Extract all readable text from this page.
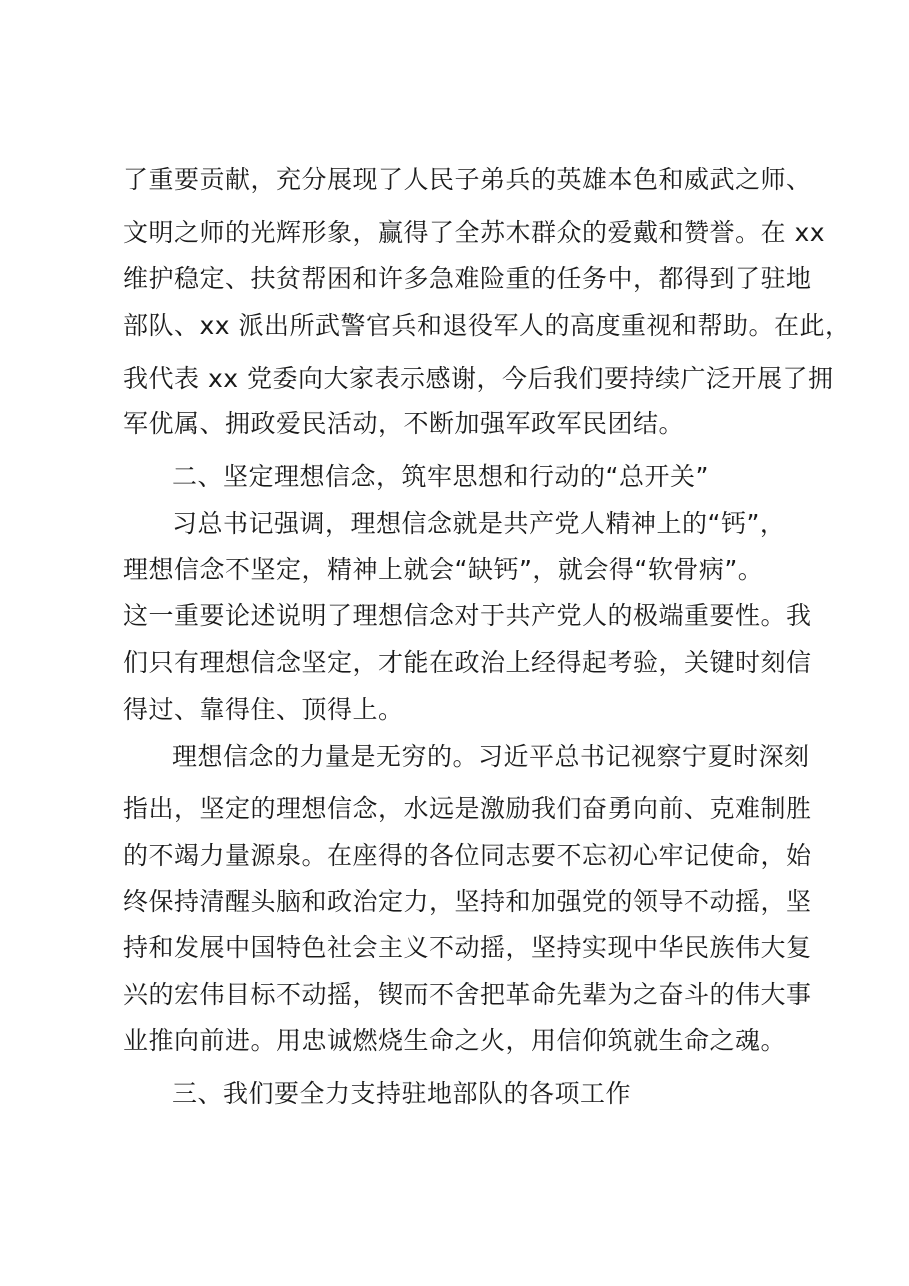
了重要贡献，充分展现了人民子弟兵的英雄本色和威武之师、
文明之师的光辉形象，赢得了全苏木群众的爱戴和赞誉。在 xx
维护稳定、扶贫帮困和许多急难险重的任务中，都得到了驻地
部队、xx 派出所武警官兵和退役军人的高度重视和帮助。在此，
我代表 xx 党委向大家表示感谢，今后我们要持续广泛开展了拥
军优属、拥政爱民活动，不断加强军政军民团结。
二、坚定理想信念，筑牢思想和行动的“总开关”
习总书记强调，理想信念就是共产党人精神上的“钙”，
理想信念不坚定，精神上就会“缺钙”，就会得“软骨病”。
这一重要论述说明了理想信念对于共产党人的极端重要性。我
们只有理想信念坚定，才能在政治上经得起考验，关键时刻信
得过、靠得住、顶得上。
理想信念的力量是无穷的。习近平总书记视察宁夏时深刻
指出，坚定的理想信念，水远是激励我们奋勇向前、克难制胜
的不竭力量源泉。在座得的各位同志要不忘初心牢记使命，始
终保持清醒头脑和政治定力，坚持和加强党的领导不动摇，坚
持和发展中国特色社会主义不动摇，坚持实现中华民族伟大复
兴的宏伟目标不动摇，锲而不舍把革命先辈为之奋斗的伟大事
业推向前进。用忠诚燃烧生命之火，用信仰筑就生命之魂。
三、我们要全力支持驻地部队的各项工作
